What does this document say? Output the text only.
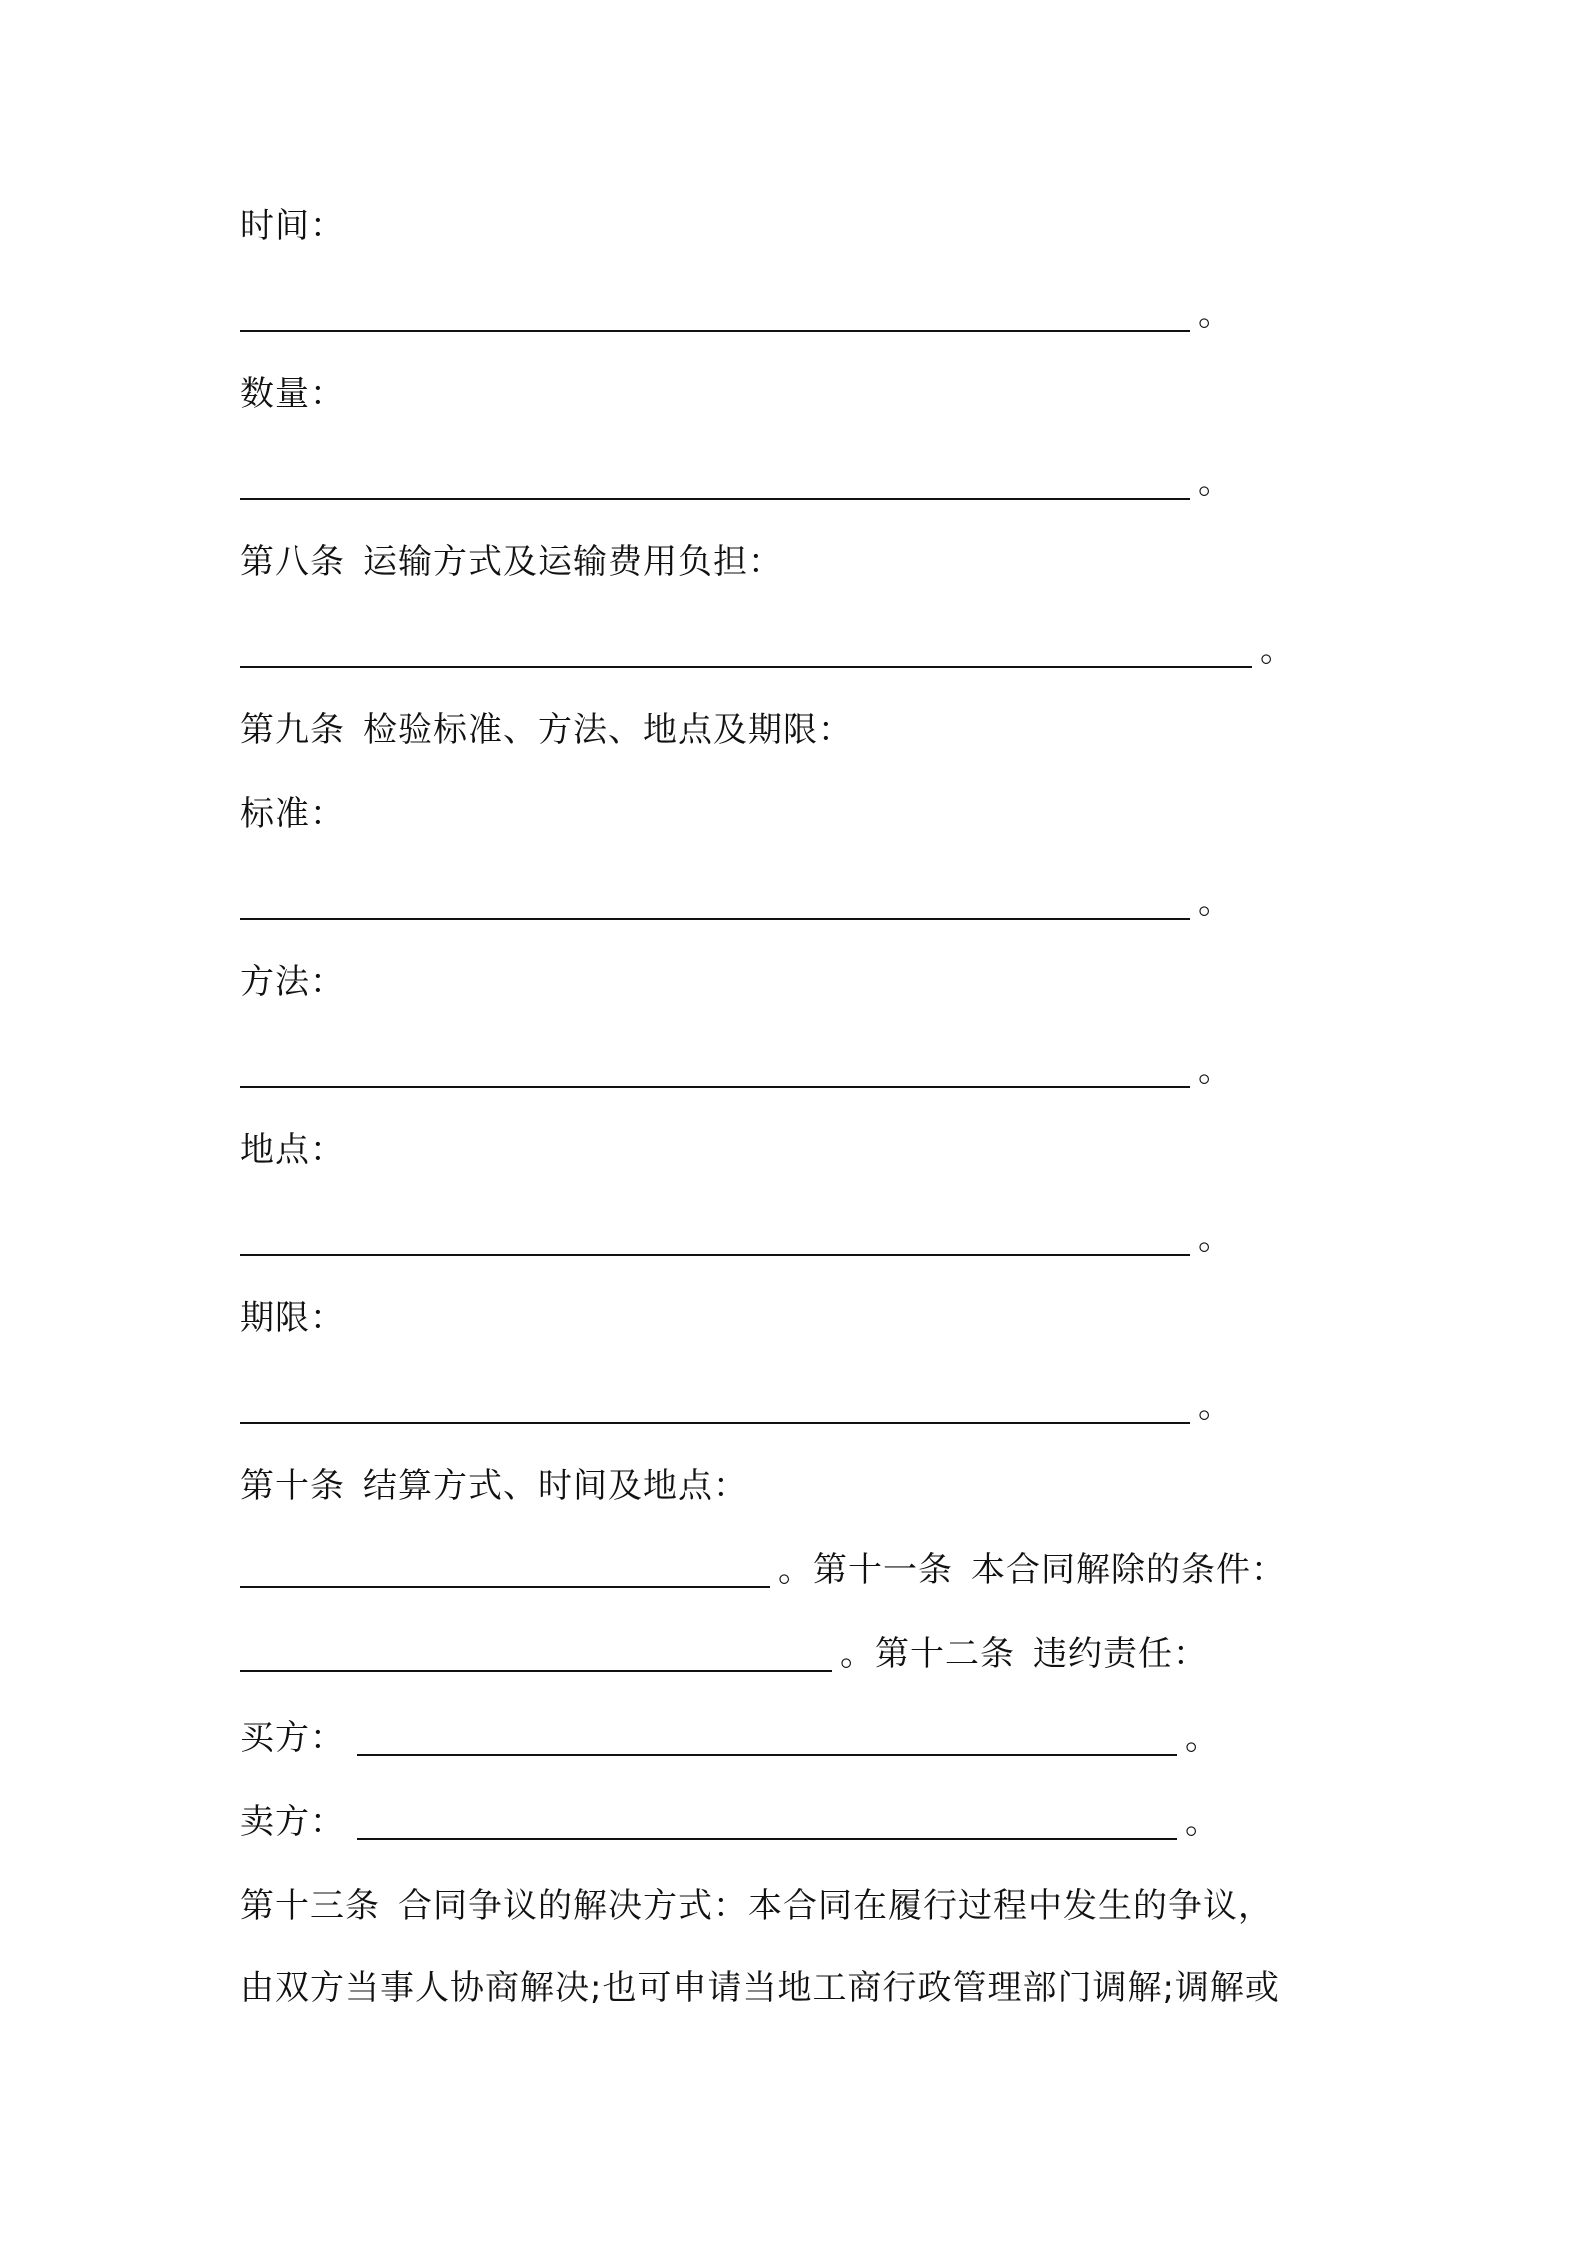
时间：
。
数量：
。
第八条 运输方式及运输费用负担：
。
第九条 检验标准、方法、地点及期限：
标准：
。
方法：
。
地点：
。
期限：
。
第十条 结算方式、时间及地点：
。 第十一条 本合同解除的条件：
。 第十二条 违约责任：
买方：	。
卖方：	。
第十三条 合同争议的解决方式：本合同在履行过程中发生的争议，
由双方当事人协商解决;也可申请当地工商行政管理部门调解;调解或
